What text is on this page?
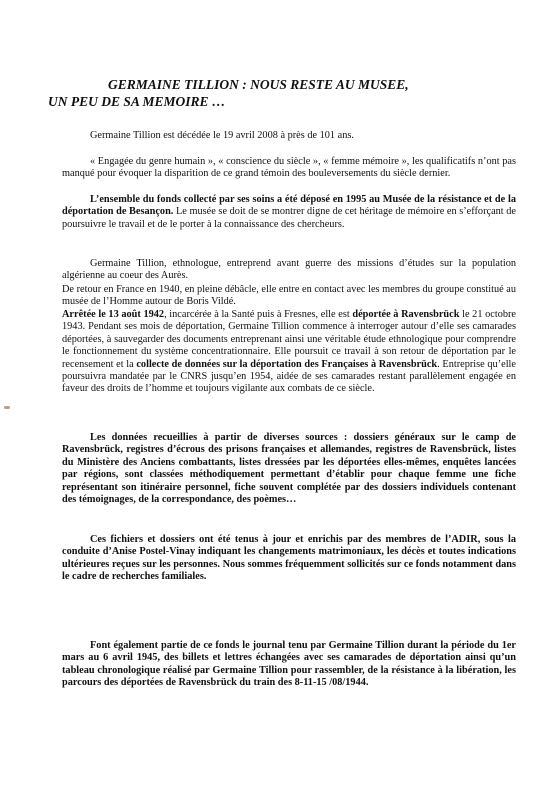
GERMAINE TILLION : NOUS RESTE AU MUSEE,
UN PEU DE SA MEMOIRE …

Germaine Tillion est décédée le 19 avril 2008 à près de 101 ans.

« Engagée du genre humain », « conscience du siècle », « femme mémoire », les qualificatifs n’ont pas manqué pour évoquer la disparition de ce grand témoin des bouleversements du siècle dernier.

L’ensemble du fonds collecté par ses soins a été déposé en 1995 au Musée de la résistance et de la déportation de Besançon. Le musée se doit de se montrer digne de cet héritage de mémoire en s’efforçant de poursuivre le travail et de le porter à la connaissance des chercheurs.

Germaine Tillion, ethnologue, entreprend avant guerre des missions d’études sur la population algérienne au coeur des Aurès.

De retour en France en 1940, en pleine débâcle, elle entre en contact avec les membres du groupe constitué au musée de l’Homme autour de Boris Vildé.

Arrêtée le 13 août 1942, incarcérée à la Santé puis à Fresnes, elle est déportée à Ravensbrück le 21 octobre 1943. Pendant ses mois de déportation, Germaine Tillion commence à interroger autour d’elle ses camarades déportées, à sauvegarder des documents entreprenant ainsi une véritable étude ethnologique pour comprendre le fonctionnement du système concentrationnaire. Elle poursuit ce travail à son retour de déportation par le recensement et la collecte de données sur la déportation des Françaises à Ravensbrück. Entreprise qu’elle poursuivra mandatée par le CNRS jusqu’en 1954, aidée de ses camarades restant parallèlement engagée en faveur des droits de l’homme et toujours vigilante aux combats de ce siècle.

Les données recueillies à partir de diverses sources : dossiers généraux sur le camp de Ravensbrück, registres d’écrous des prisons françaises et allemandes, registres de Ravensbrück, listes du Ministère des Anciens combattants, listes dressées par les déportées elles-mêmes, enquêtes lancées par régions, sont classées méthodiquement permettant d’établir pour chaque femme une fiche représentant son itinéraire personnel, fiche souvent complétée par des dossiers individuels contenant des témoignages, de la correspondance, des poèmes…

Ces fichiers et dossiers ont été tenus à jour et enrichis par des membres de l’ADIR, sous la conduite d’Anise Postel-Vinay indiquant les changements matrimoniaux, les décès et toutes indications ultérieures reçues sur les personnes. Nous sommes fréquemment sollicités sur ce fonds notamment dans le cadre de recherches familiales.

Font également partie de ce fonds le journal tenu par Germaine Tillion durant la période du 1er mars au 6 avril 1945, des billets et lettres échangées avec ses camarades de déportation ainsi qu’un tableau chronologique réalisé par Germaine Tillion pour rassembler, de la résistance à la libération, les parcours des déportées de Ravensbrück du train des 8-11-15 /08/1944.
